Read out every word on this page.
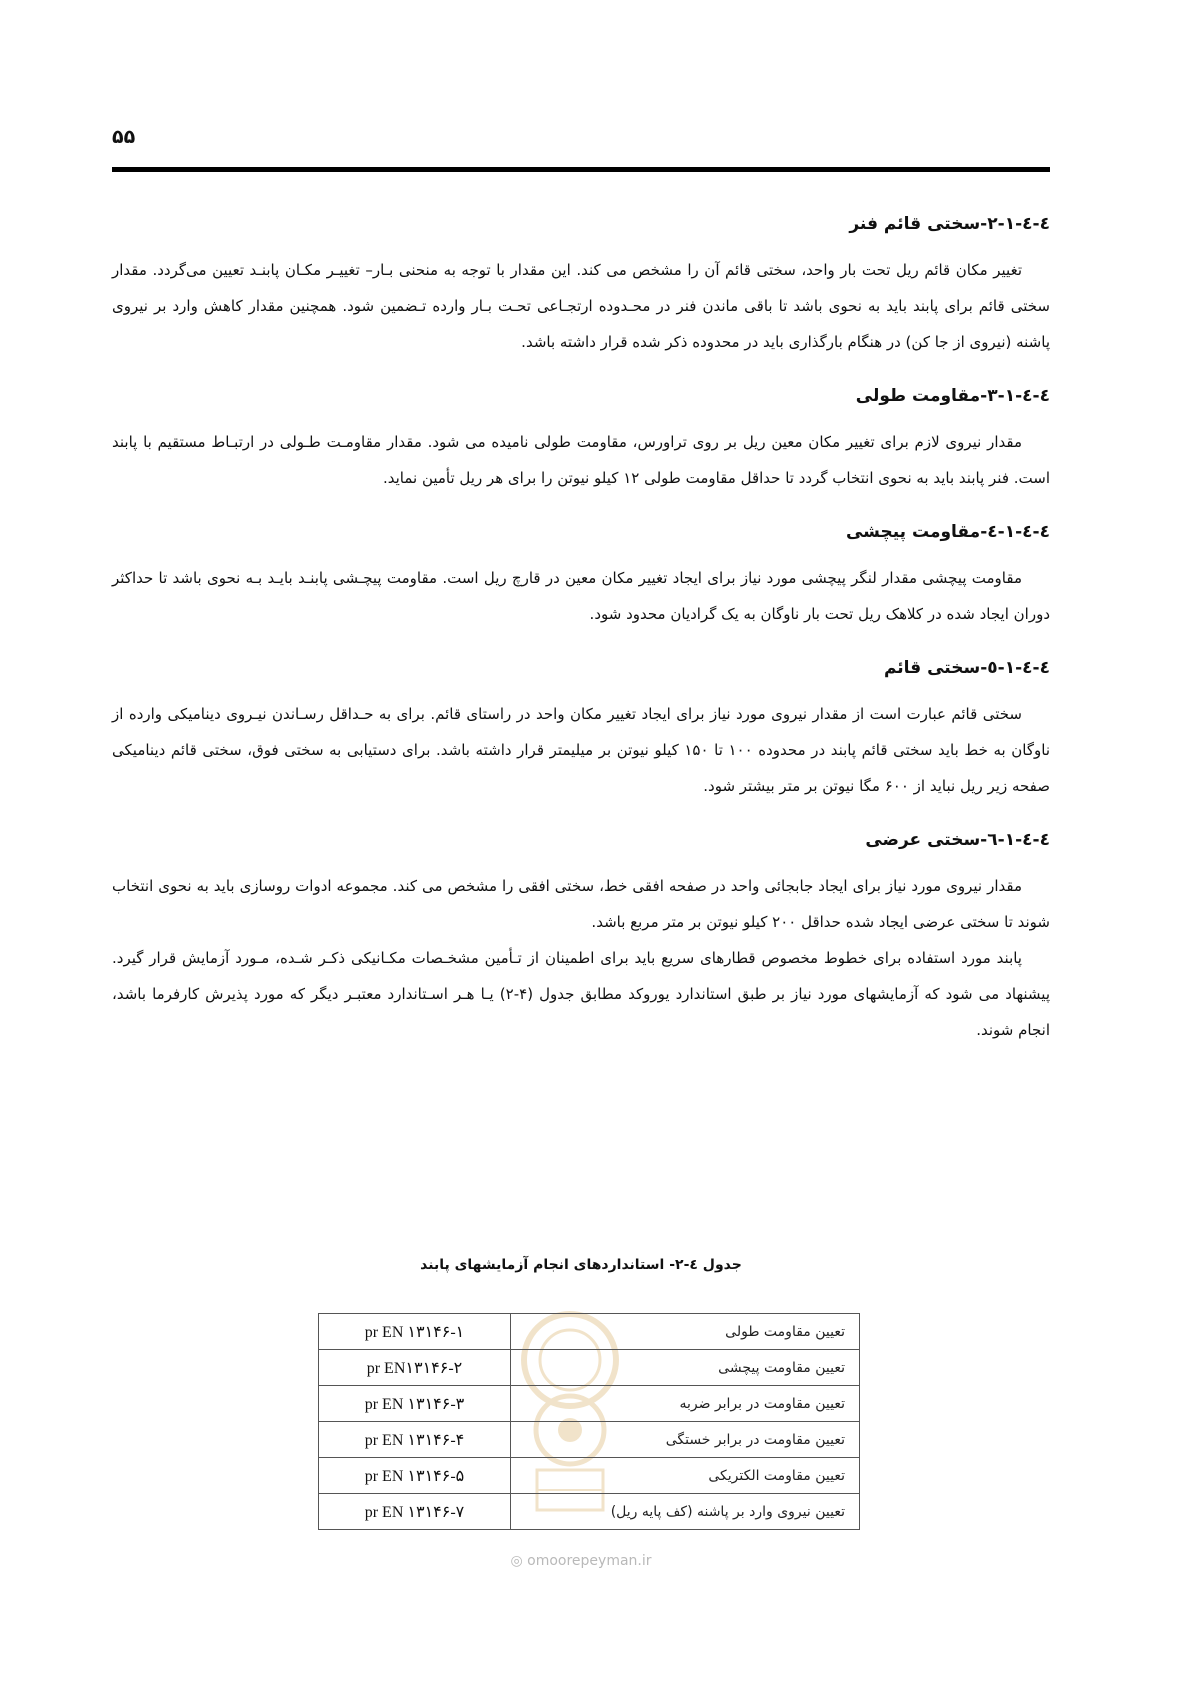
۵۵
٤-٤-١-٢-سختی قائم فنر

تغییر مکان قائم ریل تحت بار واحد، سختی قائم آن را مشخص می کند. این مقدار با توجه به منحنی بـار– تغییـر مکـان پابنـد تعیین می‌گردد. مقدار سختی قائم برای پابند باید به نحوی باشد تا باقی ماندن فنر در محـدوده ارتجـاعی تحـت بـار وارده تـضمین شود. همچنین مقدار کاهش وارد بر نیروی پاشنه (نیروی از جا کن) در هنگام بارگذاری باید در محدوده ذکر شده قرار داشته باشد.

٤-٤-١-٣-مقاومت طولی

مقدار نیروی لازم برای تغییر مکان معین ریل بر روی تراورس، مقاومت طولی نامیده می شود. مقدار مقاومـت طـولی در ارتبـاط مستقیم با پابند است. فنر پابند باید به نحوی انتخاب گردد تا حداقل مقاومت طولی ۱۲ کیلو نیوتن را برای هر ریل تأمین نماید.

٤-٤-١-٤-مقاومت پیچشی

مقاومت پیچشی مقدار لنگر پیچشی مورد نیاز برای ایجاد تغییر مکان معین در قارچ ریل است. مقاومت پیچـشی پابنـد بایـد بـه نحوی باشد تا حداکثر دوران ایجاد شده در کلاهک ریل تحت بار ناوگان به یک گرادیان محدود شود.

٤-٤-١-٥-سختی قائم

سختی قائم عبارت است از مقدار نیروی مورد نیاز برای ایجاد تغییر مکان واحد در راستای قائم. برای به حـداقل رسـاندن نیـروی دینامیکی وارده از ناوگان به خط باید سختی قائم پابند در محدوده ۱۰۰ تا ۱۵۰ کیلو نیوتن بر میلیمتر قرار داشته باشد. برای دستیابی به سختی فوق، سختی قائم دینامیکی صفحه زیر ریل نباید از ۶۰۰ مگا نیوتن بر متر بیشتر شود.

٤-٤-١-٦-سختی عرضی

مقدار نیروی مورد نیاز برای ایجاد جابجائی واحد در صفحه افقی خط، سختی افقی را مشخص می کند. مجموعه ادوات روسازی باید به نحوی انتخاب شوند تا سختی عرضی ایجاد شده حداقل ۲۰۰ کیلو نیوتن بر متر مربع باشد.

پابند مورد استفاده برای خطوط مخصوص قطارهای سریع باید برای اطمینان از تـأمین مشخـصات مکـانیکی ذکـر شـده، مـورد آزمایش قرار گیرد. پیشنهاد می شود که آزمایشهای مورد نیاز بر طبق استاندارد یوروکد مطابق جدول (۴-۲) یـا هـر اسـتاندارد معتبـر دیگر که مورد پذیرش کارفرما باشد، انجام شوند.

جدول ٤-٢- استانداردهای انجام آزمایشهای پابند
تعیین مقاومت طولی	pr EN ۱۳۱۴۶-۱
تعیین مقاومت پیچشی	pr EN۱۳۱۴۶-۲
تعیین مقاومت در برابر ضربه	pr EN ۱۳۱۴۶-۳
تعیین مقاومت در برابر خستگی	pr EN ۱۳۱۴۶-۴
تعیین مقاومت الکتریکی	pr EN ۱۳۱۴۶-۵
تعیین نیروی وارد بر پاشنه (کف پایه ریل)	pr EN ۱۳۱۴۶-۷
◎ omoorepeyman.ir
